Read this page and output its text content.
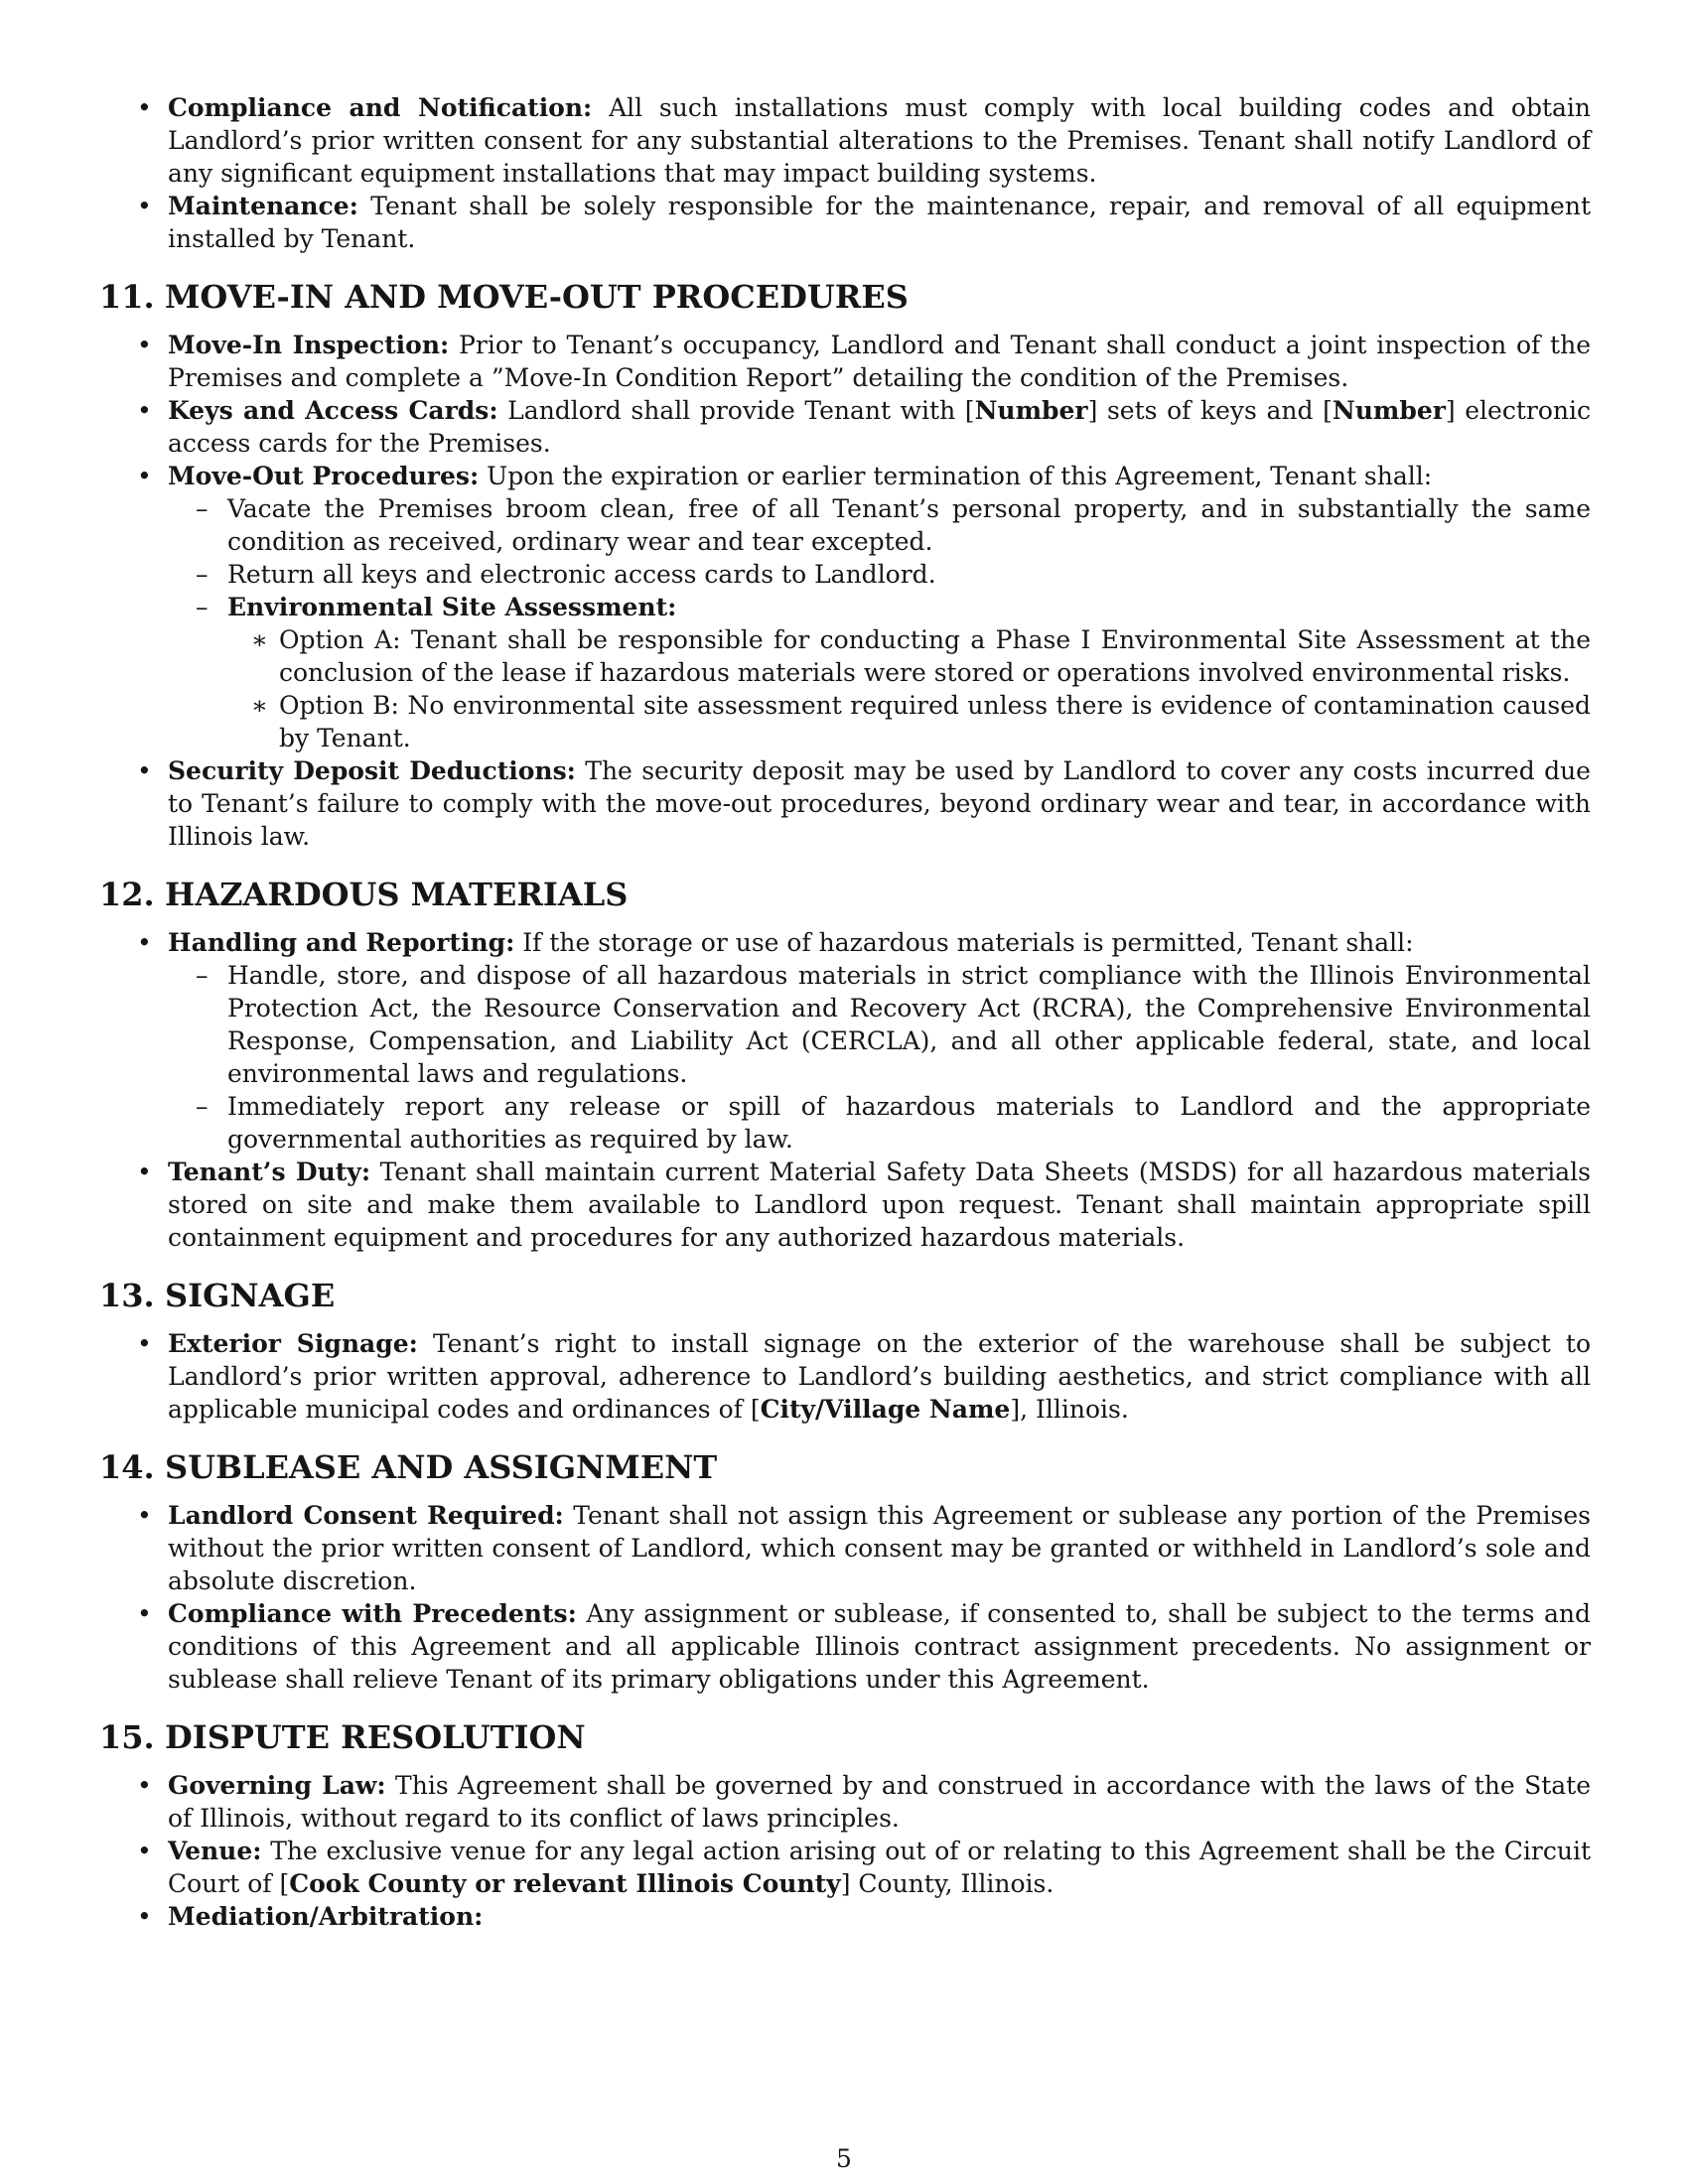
• Compliance and Notification: All such installations must comply with local building codes and obtain Landlord’s prior written consent for any substantial alterations to the Premises. Tenant shall notify Landlord of any significant equipment installations that may impact building systems.
• Maintenance: Tenant shall be solely responsible for the maintenance, repair, and removal of all equipment installed by Tenant.
11. MOVE-IN AND MOVE-OUT PROCEDURES
• Move-In Inspection: Prior to Tenant’s occupancy, Landlord and Tenant shall conduct a joint inspection of the Premises and complete a ”Move-In Condition Report” detailing the condition of the Premises.
• Keys and Access Cards: Landlord shall provide Tenant with [Number] sets of keys and [Number] electronic access cards for the Premises.
• Move-Out Procedures: Upon the expiration or earlier termination of this Agreement, Tenant shall:
– Vacate the Premises broom clean, free of all Tenant’s personal property, and in substantially the same condition as received, ordinary wear and tear excepted.
– Return all keys and electronic access cards to Landlord.
– Environmental Site Assessment:
∗ Option A: Tenant shall be responsible for conducting a Phase I Environmental Site Assessment at the conclusion of the lease if hazardous materials were stored or operations involved environmental risks.
∗ Option B: No environmental site assessment required unless there is evidence of contamination caused by Tenant.
• Security Deposit Deductions: The security deposit may be used by Landlord to cover any costs incurred due to Tenant’s failure to comply with the move-out procedures, beyond ordinary wear and tear, in accordance with Illinois law.
12. HAZARDOUS MATERIALS
• Handling and Reporting: If the storage or use of hazardous materials is permitted, Tenant shall:
– Handle, store, and dispose of all hazardous materials in strict compliance with the Illinois Environmental Protection Act, the Resource Conservation and Recovery Act (RCRA), the Comprehensive Environmental Response, Compensation, and Liability Act (CERCLA), and all other applicable federal, state, and local environmental laws and regulations.
– Immediately report any release or spill of hazardous materials to Landlord and the appropriate governmental authorities as required by law.
• Tenant’s Duty: Tenant shall maintain current Material Safety Data Sheets (MSDS) for all hazardous materials stored on site and make them available to Landlord upon request. Tenant shall maintain appropriate spill containment equipment and procedures for any authorized hazardous materials.
13. SIGNAGE
• Exterior Signage: Tenant’s right to install signage on the exterior of the warehouse shall be subject to Landlord’s prior written approval, adherence to Landlord’s building aesthetics, and strict compliance with all applicable municipal codes and ordinances of [City/Village Name], Illinois.
14. SUBLEASE AND ASSIGNMENT
• Landlord Consent Required: Tenant shall not assign this Agreement or sublease any portion of the Premises without the prior written consent of Landlord, which consent may be granted or withheld in Landlord’s sole and absolute discretion.
• Compliance with Precedents: Any assignment or sublease, if consented to, shall be subject to the terms and conditions of this Agreement and all applicable Illinois contract assignment precedents. No assignment or sublease shall relieve Tenant of its primary obligations under this Agreement.
15. DISPUTE RESOLUTION
• Governing Law: This Agreement shall be governed by and construed in accordance with the laws of the State of Illinois, without regard to its conflict of laws principles.
• Venue: The exclusive venue for any legal action arising out of or relating to this Agreement shall be the Circuit Court of [Cook County or relevant Illinois County] County, Illinois.
• Mediation/Arbitration:
5
